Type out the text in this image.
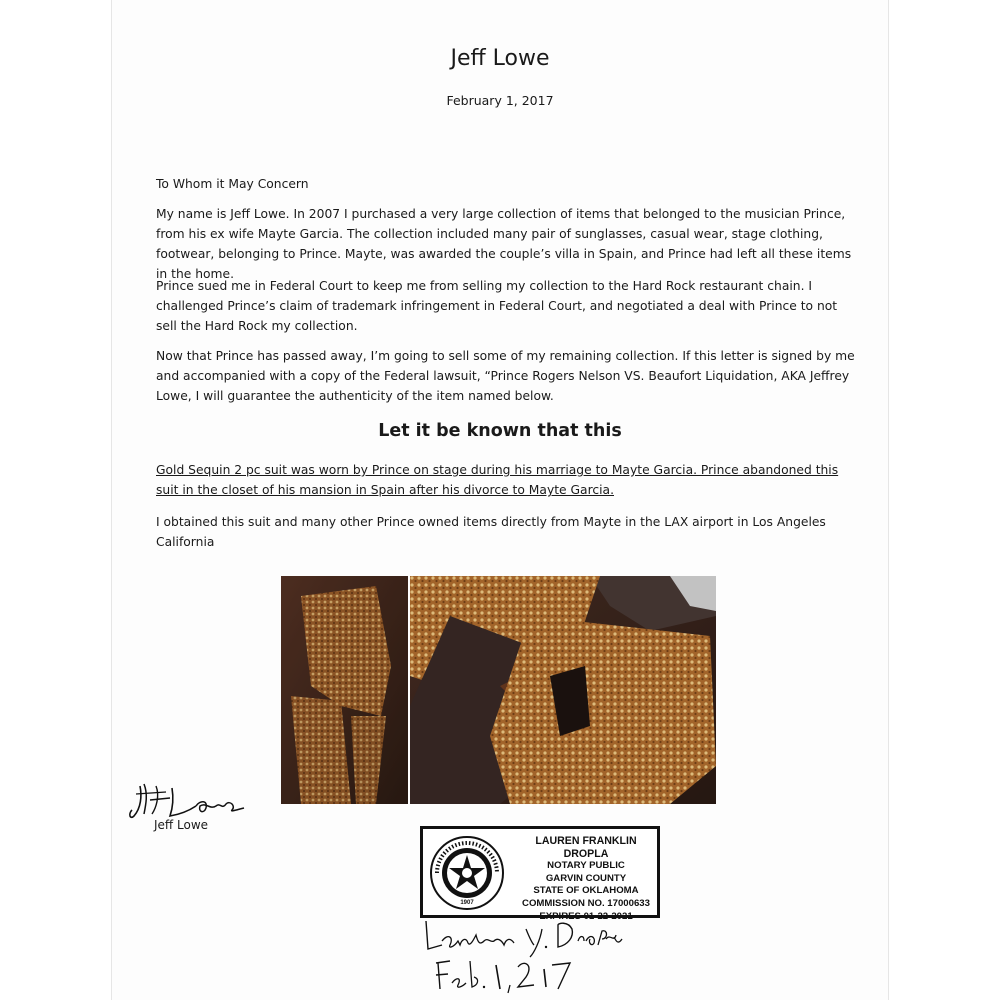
Jeff Lowe
February 1, 2017
To Whom it May Concern
My name is Jeff Lowe. In 2007 I purchased a very large collection of items that belonged to the musician Prince, from his ex wife Mayte Garcia. The collection included many pair of sunglasses, casual wear, stage clothing, footwear, belonging to Prince. Mayte, was awarded the couple’s villa in Spain, and Prince had left all these items in the home.
Prince sued me in Federal Court to keep me from selling my collection to the Hard Rock restaurant chain. I challenged Prince’s claim of trademark infringement in Federal Court, and negotiated a deal with Prince to not sell the Hard Rock my collection.
Now that Prince has passed away, I’m going to sell some of my remaining collection. If this letter is signed by me and accompanied with a copy of the Federal lawsuit, “Prince Rogers Nelson VS. Beaufort Liquidation, AKA Jeffrey Lowe, I will guarantee the authenticity of the item named below.
Let it be known that this
Gold Sequin 2 pc suit was worn by Prince on stage during his marriage to Mayte Garcia. Prince abandoned this suit in the closet of his mansion in Spain after his divorce to Mayte Garcia.
I obtained this suit and many other Prince owned items directly from Mayte in the LAX airport in Los Angeles California
Jeff Lowe
1907
LAUREN FRANKLIN DROPLA
NOTARY PUBLIC
GARVIN COUNTY
STATE OF OKLAHOMA
COMMISSION NO. 17000633
EXPIRES 01-22-2021
